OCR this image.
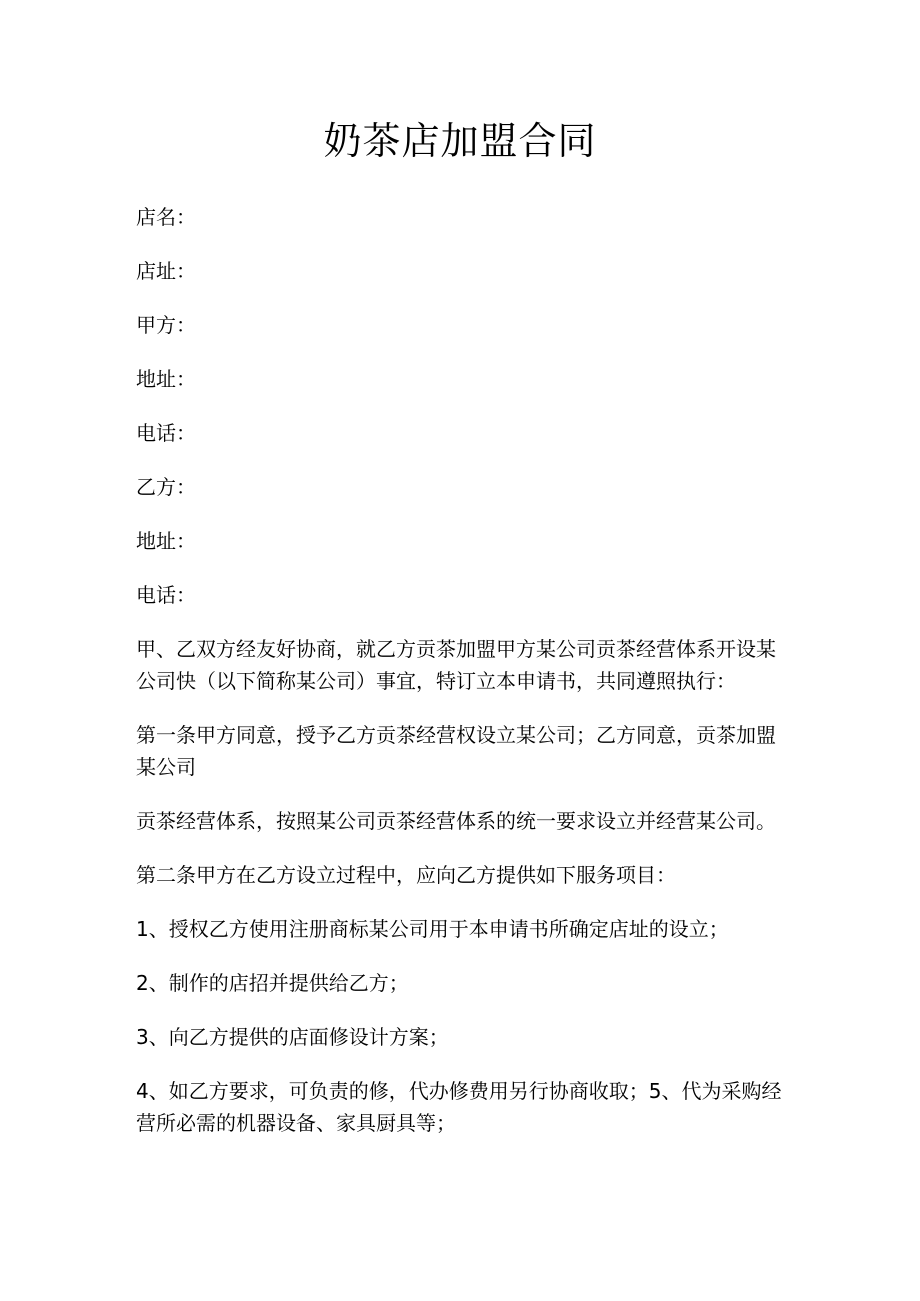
奶茶店加盟合同
店名：
店址：
甲方：
地址：
电话：
乙方：
地址：
电话：
甲、乙双方经友好协商，就乙方贡茶加盟甲方某公司贡茶经营体系开设某
公司快（以下简称某公司）事宜，特订立本申请书，共同遵照执行：
第一条甲方同意，授予乙方贡茶经营权设立某公司；乙方同意，贡茶加盟
某公司
贡茶经营体系，按照某公司贡茶经营体系的统一要求设立并经营某公司。
第二条甲方在乙方设立过程中，应向乙方提供如下服务项目：
1、授权乙方使用注册商标某公司用于本申请书所确定店址的设立；
2、制作的店招并提供给乙方；
3、向乙方提供的店面修设计方案；
4、如乙方要求，可负责的修，代办修费用另行协商收取；5、代为采购经
营所必需的机器设备、家具厨具等；
